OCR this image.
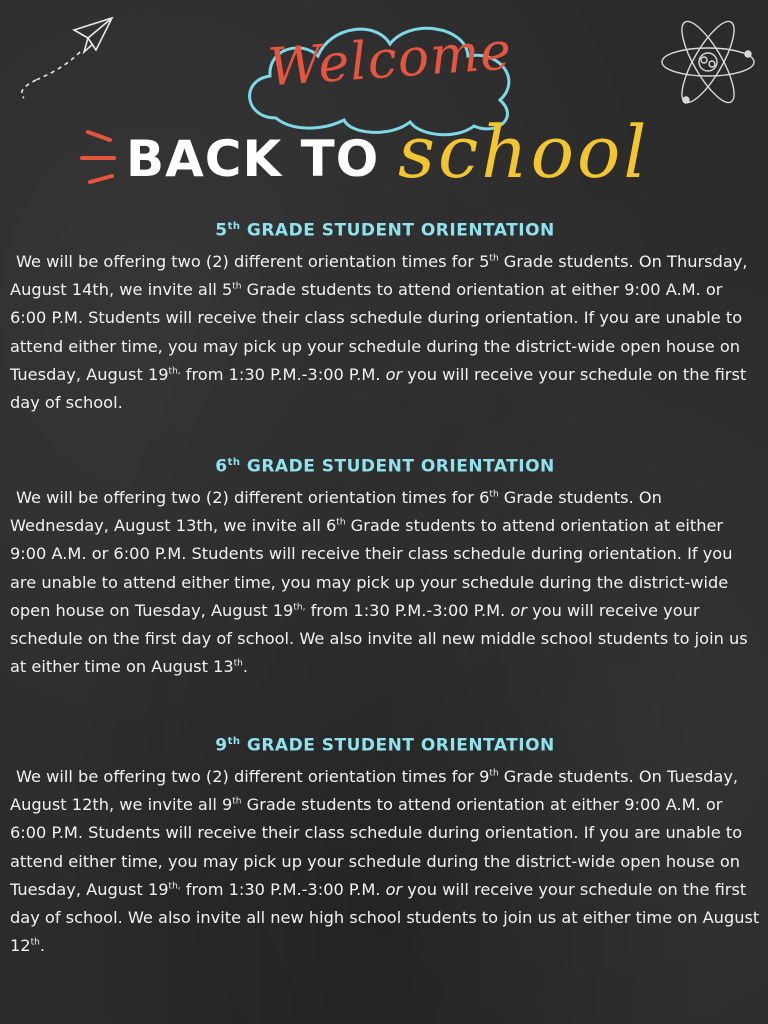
Welcome
BACK TO school
5th GRADE STUDENT ORIENTATION

We will be offering two (2) different orientation times for 5th Grade students. On Thursday, August 14th, we invite all 5th Grade students to attend orientation at either 9:00 A.M. or 6:00 P.M. Students will receive their class schedule during orientation. If you are unable to attend either time, you may pick up your schedule during the district-wide open house on Tuesday, August $19^{th,}$ from 1:30 P.M.-3:00 P.M. or you will receive your schedule on the first day of school.

6th GRADE STUDENT ORIENTATION

We will be offering two (2) different orientation times for 6th Grade students. On Wednesday, August 13th, we invite all 6th Grade students to attend orientation at either 9:00 A.M. or 6:00 P.M. Students will receive their class schedule during orientation. If you are unable to attend either time, you may pick up your schedule during the district-wide open house on Tuesday, August $19^{th,}$ from 1:30 P.M.-3:00 P.M. or you will receive your schedule on the first day of school. We also invite all new middle school students to join us at either time on August 13th.

9th GRADE STUDENT ORIENTATION

We will be offering two (2) different orientation times for 9th Grade students. On Tuesday, August 12th, we invite all 9th Grade students to attend orientation at either 9:00 A.M. or 6:00 P.M. Students will receive their class schedule during orientation. If you are unable to attend either time, you may pick up your schedule during the district-wide open house on Tuesday, August $19^{th,}$ from 1:30 P.M.-3:00 P.M. or you will receive your schedule on the first day of school. We also invite all new high school students to join us at either time on August 12th.
